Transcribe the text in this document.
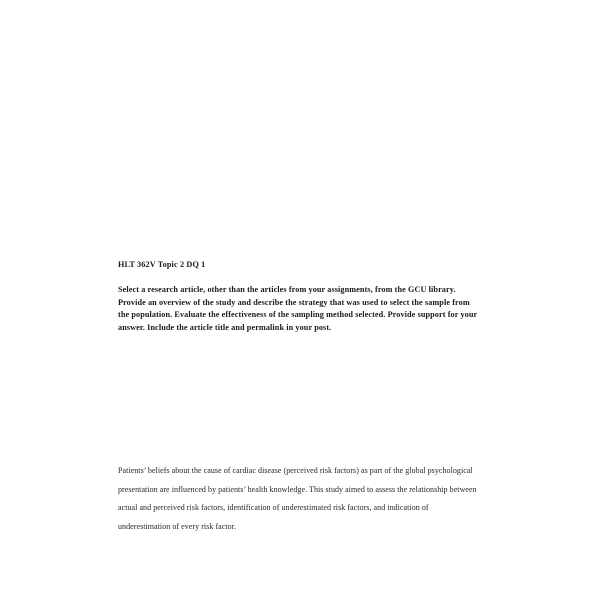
HLT 362V Topic 2 DQ 1

Select a research article, other than the articles from your assignments, from the GCU library. Provide an overview of the study and describe the strategy that was used to select the sample from the population. Evaluate the effectiveness of the sampling method selected. Provide support for your answer. Include the article title and permalink in your post.

Patients’ beliefs about the cause of cardiac disease (perceived risk factors) as part of the global psychological presentation are influenced by patients’ health knowledge. This study aimed to assess the relationship between actual and perceived risk factors, identification of underestimated risk factors, and indication of underestimation of every risk factor.
